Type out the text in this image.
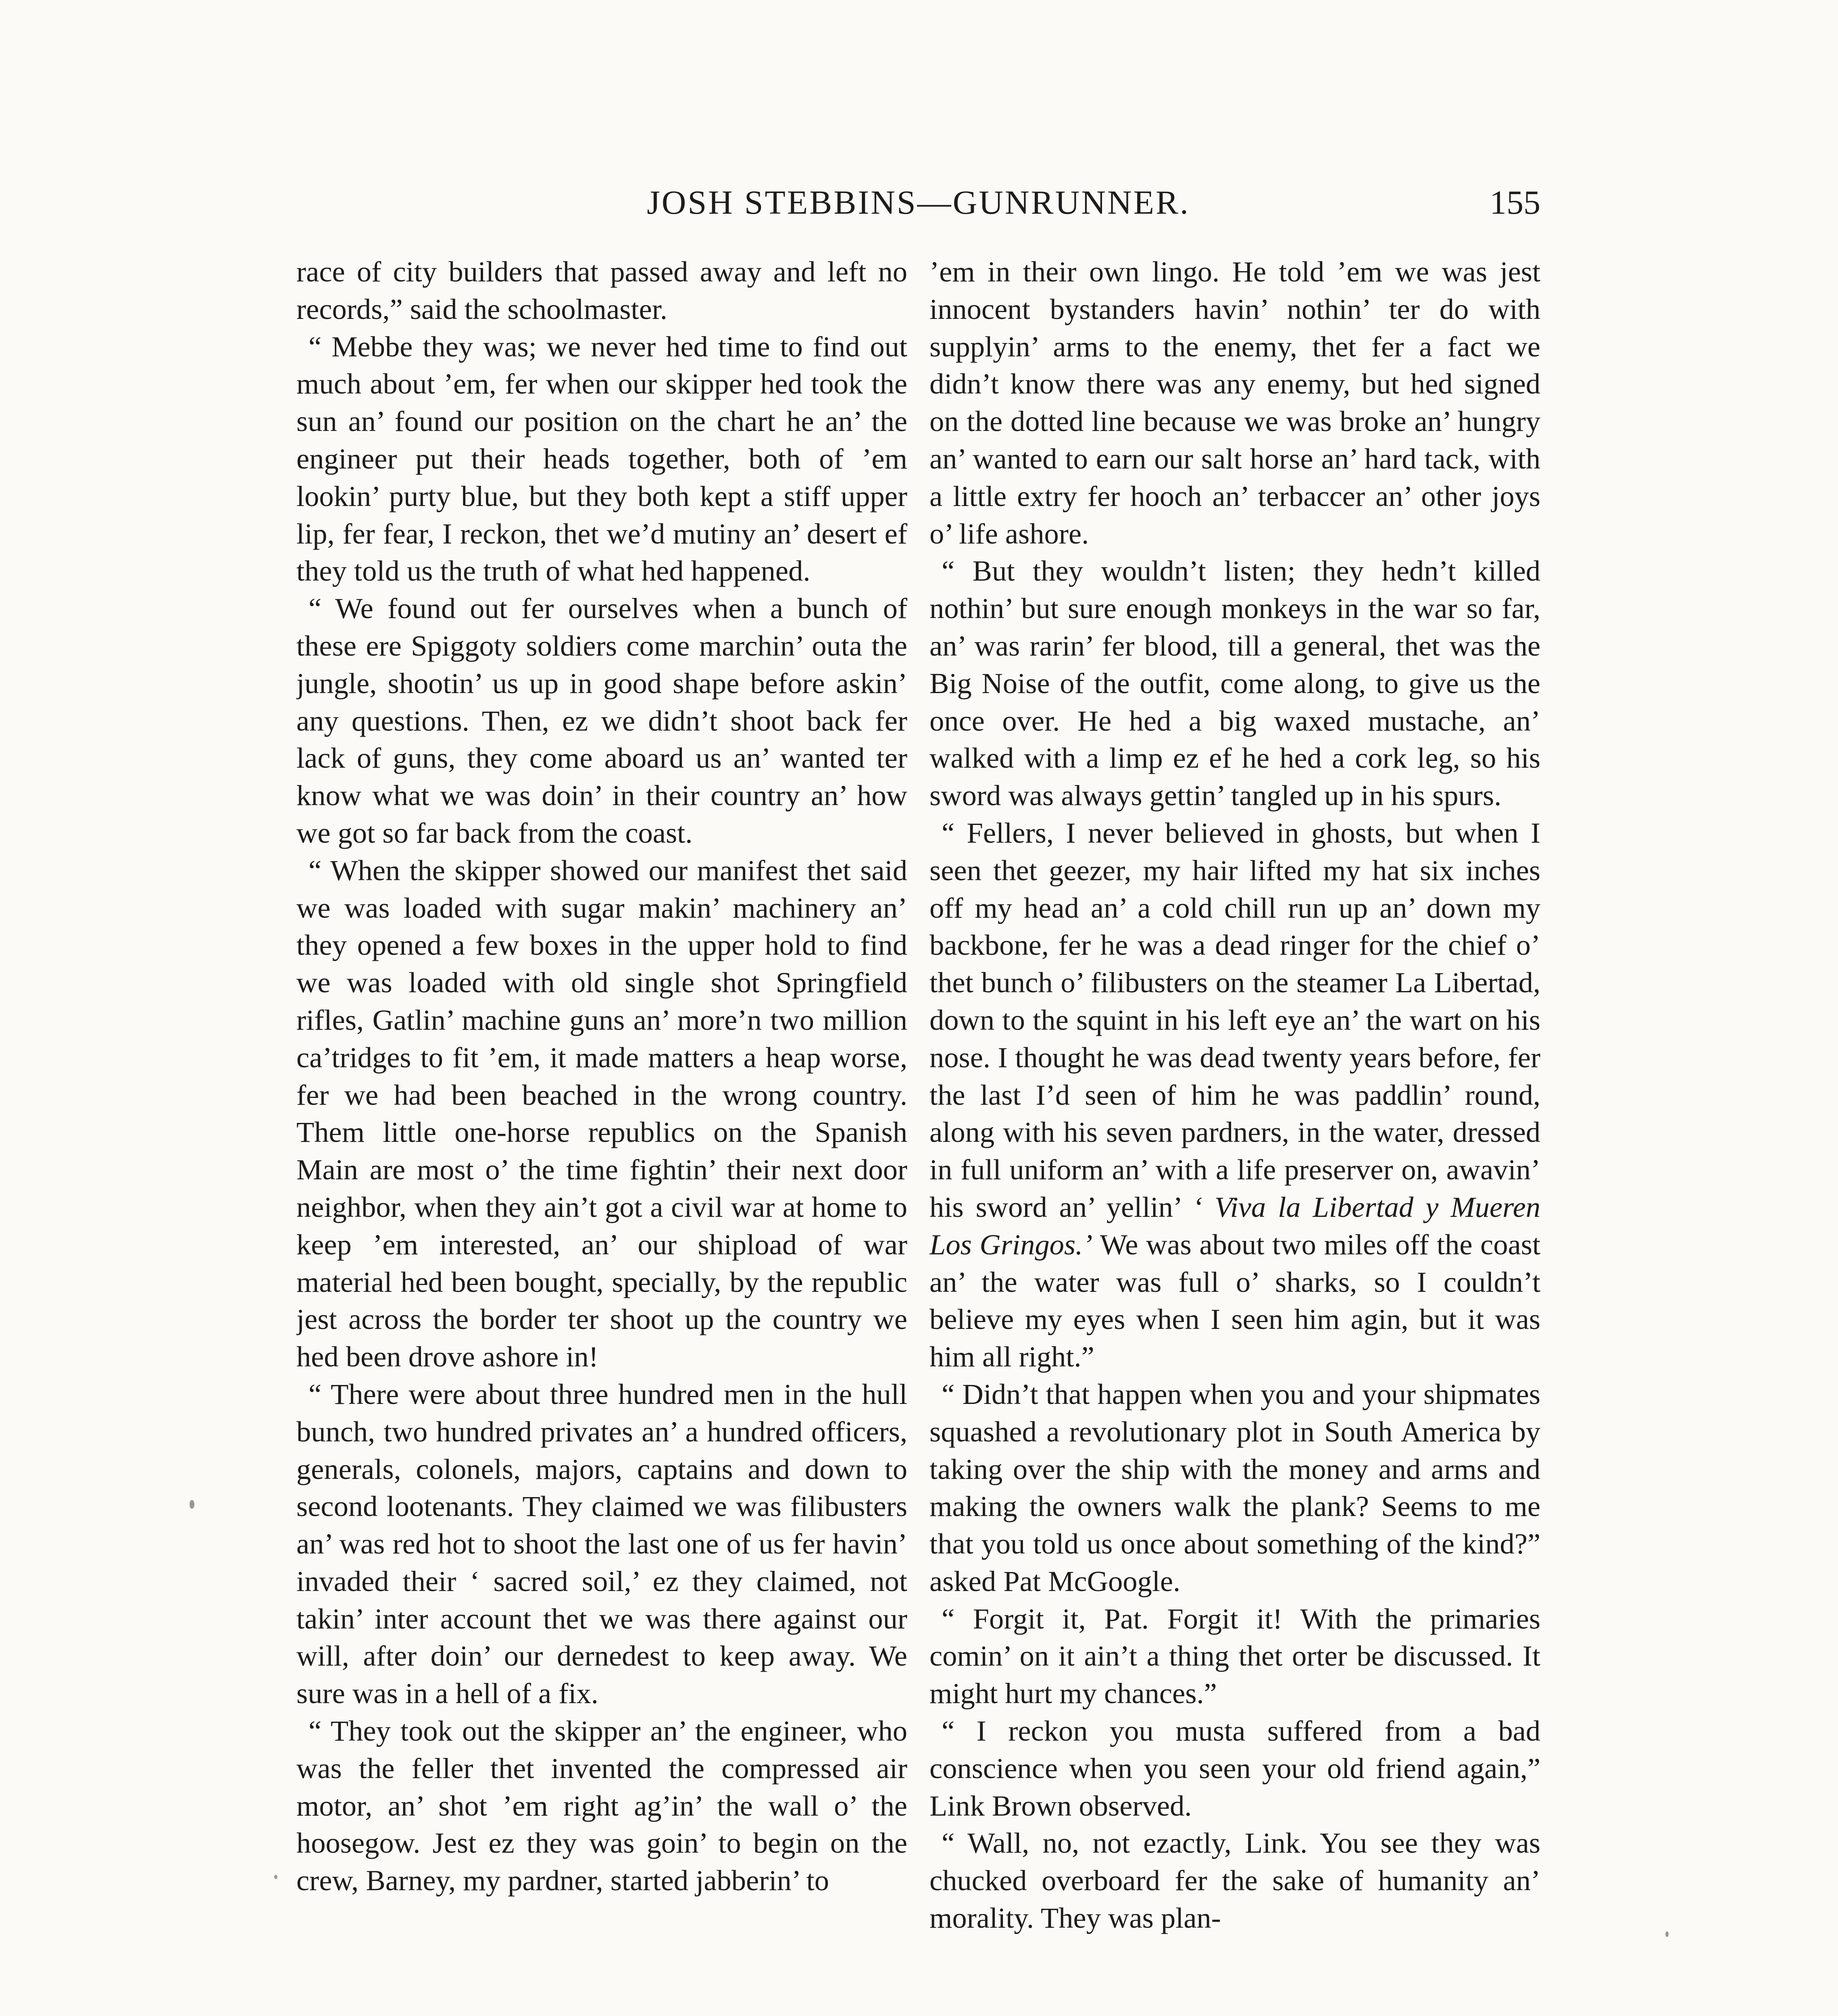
JOSH STEBBINS—GUNRUNNER.	155

race of city builders that passed away and left no records,” said the schoolmaster.

“ Mebbe they was; we never hed time to find out much about ’em, fer when our skipper hed took the sun an’ found our position on the chart he an’ the engineer put their heads together, both of ’em lookin’ purty blue, but they both kept a stiff upper lip, fer fear, I reckon, thet we’d mutiny an’ desert ef they told us the truth of what hed happened.

“ We found out fer ourselves when a bunch of these ere Spiggoty soldiers come marchin’ outa the jungle, shootin’ us up in good shape before askin’ any questions. Then, ez we didn’t shoot back fer lack of guns, they come aboard us an’ wanted ter know what we was doin’ in their country an’ how we got so far back from the coast.

“ When the skipper showed our manifest thet said we was loaded with sugar makin’ machinery an’ they opened a few boxes in the upper hold to find we was loaded with old single shot Springfield rifles, Gatlin’ machine guns an’ more’n two million ca’tridges to fit ’em, it made matters a heap worse, fer we had been beached in the wrong country. Them little one-horse republics on the Spanish Main are most o’ the time fightin’ their next door neighbor, when they ain’t got a civil war at home to keep ’em interested, an’ our shipload of war material hed been bought, specially, by the republic jest across the border ter shoot up the country we hed been drove ashore in!

“ There were about three hundred men in the hull bunch, two hundred privates an’ a hundred officers, generals, colonels, majors, captains and down to second lootenants. They claimed we was filibusters an’ was red hot to shoot the last one of us fer havin’ invaded their ‘ sacred soil,’ ez they claimed, not takin’ inter account thet we was there against our will, after doin’ our dernedest to keep away. We sure was in a hell of a fix.

“ They took out the skipper an’ the engineer, who was the feller thet invented the compressed air motor, an’ shot ’em right ag’in’ the wall o’ the hoosegow. Jest ez they was goin’ to begin on the crew, Barney, my pardner, started jabberin’ to

’em in their own lingo. He told ’em we was jest innocent bystanders havin’ nothin’ ter do with supplyin’ arms to the enemy, thet fer a fact we didn’t know there was any enemy, but hed signed on the dotted line because we was broke an’ hungry an’ wanted to earn our salt horse an’ hard tack, with a little extry fer hooch an’ terbaccer an’ other joys o’ life ashore.

“ But they wouldn’t listen; they hedn’t killed nothin’ but sure enough monkeys in the war so far, an’ was rarin’ fer blood, till a general, thet was the Big Noise of the outfit, come along, to give us the once over. He hed a big waxed mustache, an’ walked with a limp ez ef he hed a cork leg, so his sword was always gettin’ tangled up in his spurs.

“ Fellers, I never believed in ghosts, but when I seen thet geezer, my hair lifted my hat six inches off my head an’ a cold chill run up an’ down my backbone, fer he was a dead ringer for the chief o’ thet bunch o’ filibusters on the steamer La Libertad, down to the squint in his left eye an’ the wart on his nose. I thought he was dead twenty years before, fer the last I’d seen of him he was paddlin’ round, along with his seven pardners, in the water, dressed in full uniform an’ with a life preserver on, awavin’ his sword an’ yellin’ ‘ Viva la Libertad y Mueren Los Gringos.’ We was about two miles off the coast an’ the water was full o’ sharks, so I couldn’t believe my eyes when I seen him agin, but it was him all right.”

“ Didn’t that happen when you and your shipmates squashed a revolutionary plot in South America by taking over the ship with the money and arms and making the owners walk the plank? Seems to me that you told us once about something of the kind?” asked Pat McGoogle.

“ Forgit it, Pat. Forgit it! With the primaries comin’ on it ain’t a thing thet orter be discussed. It might hurt my chances.”

“ I reckon you musta suffered from a bad conscience when you seen your old friend again,” Link Brown observed.

“ Wall, no, not ezactly, Link. You see they was chucked overboard fer the sake of humanity an’ morality. They was plan-
